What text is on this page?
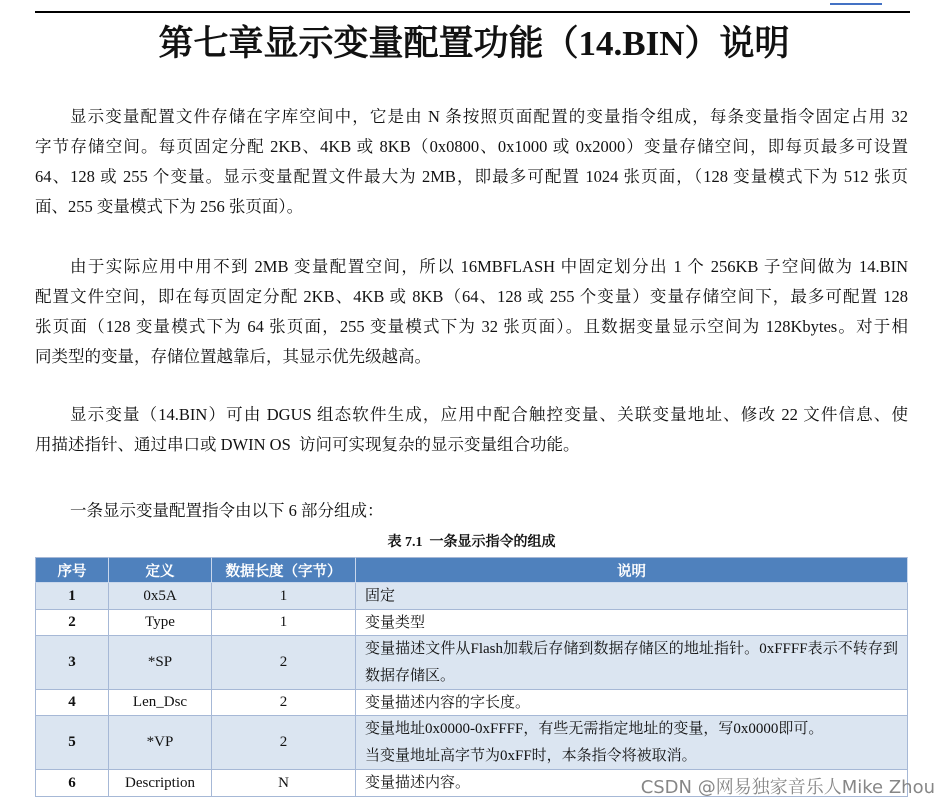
第七章显示变量配置功能（14.BIN）说明
显示变量配置文件存储在字库空间中，它是由 N 条按照页面配置的变量指令组成，每条变量指令固定占用 32
字节存储空间。每页固定分配 2KB、4KB 或 8KB（0x0800、0x1000 或 0x2000）变量存储空间，即每页最多可设置
64、128 或 255 个变量。显示变量配置文件最大为 2MB，即最多可配置 1024 张页面，（128 变量模式下为 512 张页
面、255 变量模式下为 256 张页面）。
由于实际应用中用不到 2MB 变量配置空间，所以 16MBFLASH 中固定划分出 1 个 256KB 子空间做为 14.BIN
配置文件空间，即在每页固定分配 2KB、4KB 或 8KB（64、128 或 255 个变量）变量存储空间下，最多可配置 128
张页面（128 变量模式下为 64 张页面，255 变量模式下为 32 张页面）。且数据变量显示空间为 128Kbytes。对于相
同类型的变量，存储位置越靠后，其显示优先级越高。
显示变量（14.BIN）可由 DGUS 组态软件生成，应用中配合触控变量、关联变量地址、修改 22 文件信息、使
用描述指针、通过串口或 DWIN OS  访问可实现复杂的显示变量组合功能。
一条显示变量配置指令由以下 6 部分组成：
表 7.1  一条显示指令的组成
序号	定义	数据长度（字节）	说明
1	0x5A	1	固定
2	Type	1	变量类型
3	*SP	2
变量描述文件从Flash加载后存储到数据存储区的地址指针。0xFFFF表示不转存到
数据存储区。
4	Len_Dsc	2	变量描述内容的字长度。
5	*VP	2
变量地址0x0000-0xFFFF，有些无需指定地址的变量，写0x0000即可。
当变量地址高字节为0xFF时，本条指令将被取消。
6	Description	N	变量描述内容。	CSDN @网易独家音乐人Mike Zhou
